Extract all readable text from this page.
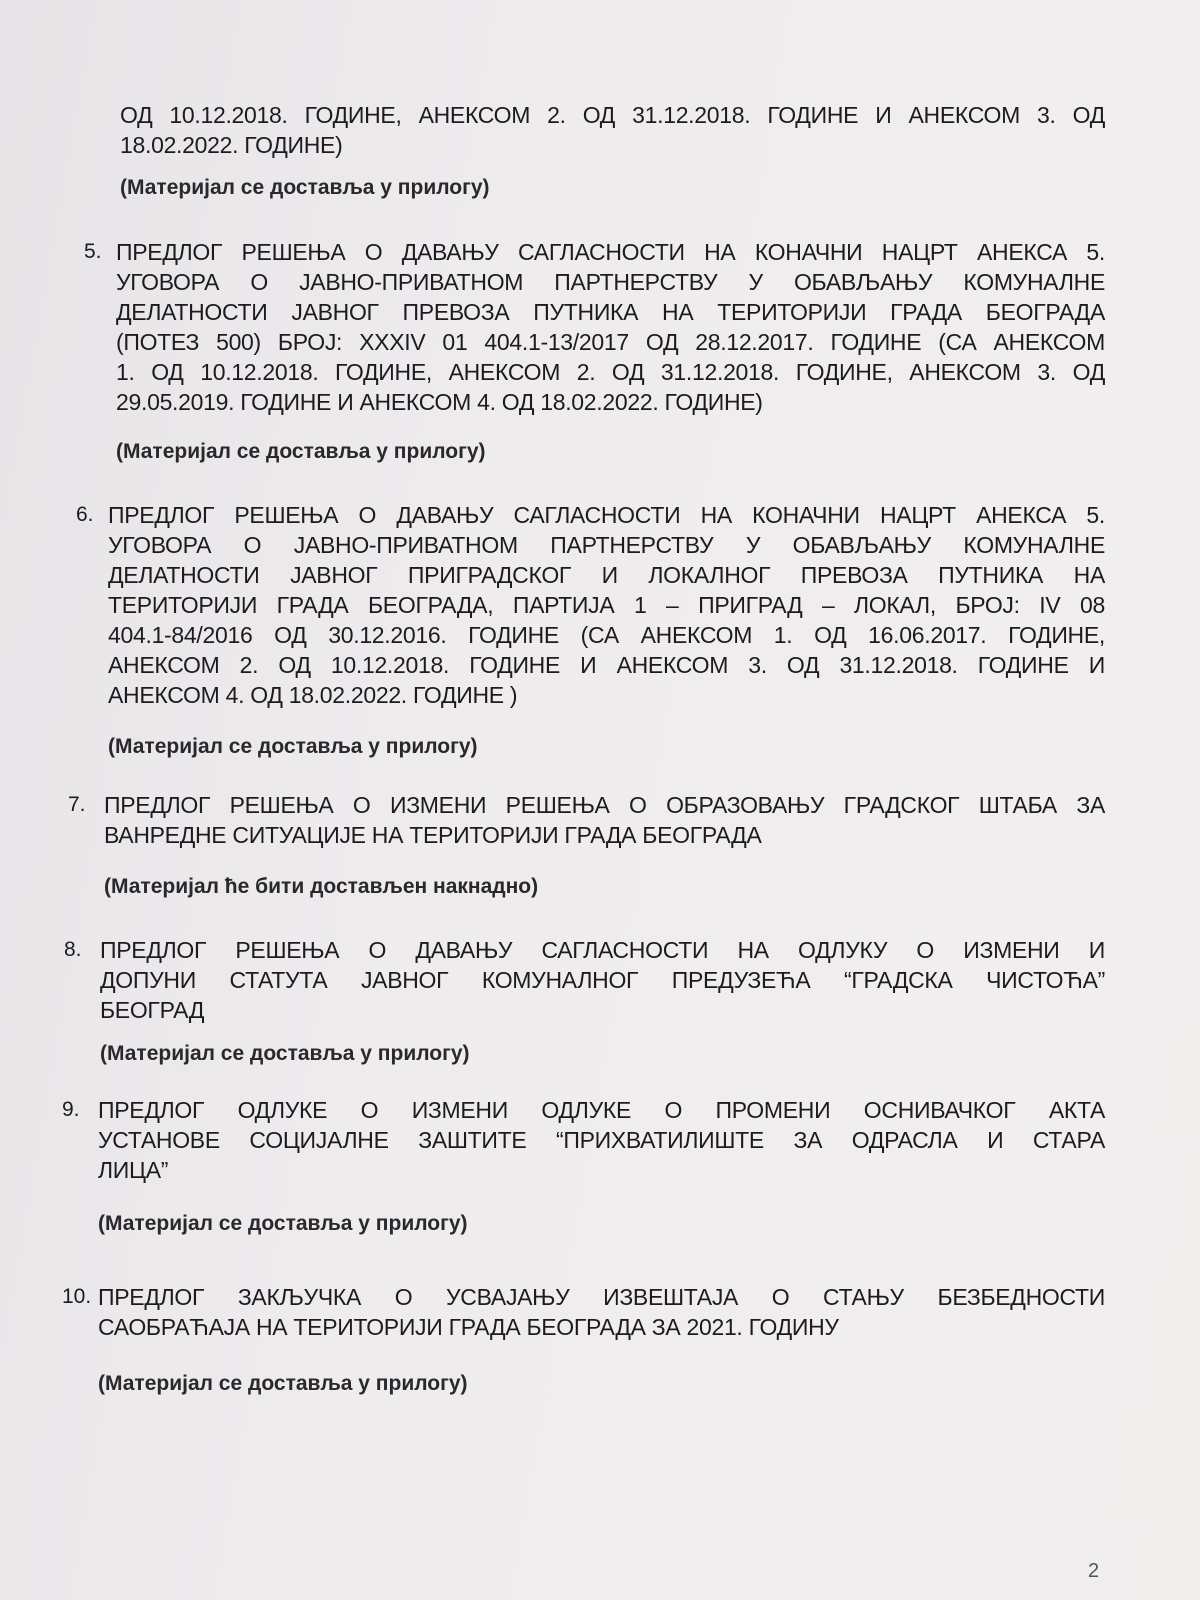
ОД 10.12.2018. ГОДИНЕ, АНЕКСОМ 2. ОД 31.12.2018. ГОДИНЕ И АНЕКСОМ 3. ОД
18.02.2022. ГОДИНЕ)
(Материјал се доставља у прилогу)
5. ПРЕДЛОГ РЕШЕЊА О ДАВАЊУ САГЛАСНОСТИ НА КОНАЧНИ НАЦРТ АНЕКСА 5.
УГОВОРА О ЈАВНО-ПРИВАТНОМ ПАРТНЕРСТВУ У ОБАВЉАЊУ КОМУНАЛНЕ
ДЕЛАТНОСТИ ЈАВНОГ ПРЕВОЗА ПУТНИКА НА ТЕРИТОРИЈИ ГРАДА БЕОГРАДА
(ПОТЕЗ 500) БРОЈ: XXXIV 01 404.1-13/2017 ОД 28.12.2017. ГОДИНЕ (СА АНЕКСОМ
1. ОД 10.12.2018. ГОДИНЕ, АНЕКСОМ 2. ОД 31.12.2018. ГОДИНЕ, АНЕКСОМ 3. ОД
29.05.2019. ГОДИНЕ И АНЕКСОМ 4. ОД 18.02.2022. ГОДИНЕ)
(Материјал се доставља у прилогу)
6. ПРЕДЛОГ РЕШЕЊА О ДАВАЊУ САГЛАСНОСТИ НА КОНАЧНИ НАЦРТ АНЕКСА 5.
УГОВОРА О ЈАВНО-ПРИВАТНОМ ПАРТНЕРСТВУ У ОБАВЉАЊУ КОМУНАЛНЕ
ДЕЛАТНОСТИ ЈАВНОГ ПРИГРАДСКОГ И ЛОКАЛНОГ ПРЕВОЗА ПУТНИКА НА
ТЕРИТОРИЈИ ГРАДА БЕОГРАДА, ПАРТИЈА 1 – ПРИГРАД – ЛОКАЛ, БРОЈ: IV 08
404.1-84/2016 ОД 30.12.2016. ГОДИНЕ (СА АНЕКСОМ 1. ОД 16.06.2017. ГОДИНЕ,
АНЕКСОМ 2. ОД 10.12.2018. ГОДИНЕ И АНЕКСОМ 3. ОД 31.12.2018. ГОДИНЕ И
АНЕКСОМ 4. ОД 18.02.2022. ГОДИНЕ )
(Материјал се доставља у прилогу)
7. ПРЕДЛОГ РЕШЕЊА О ИЗМЕНИ РЕШЕЊА О ОБРАЗОВАЊУ ГРАДСКОГ ШТАБА ЗА
ВАНРЕДНЕ СИТУАЦИЈЕ НА ТЕРИТОРИЈИ ГРАДА БЕОГРАДА
(Материјал ће бити достављен накнадно)
8. ПРЕДЛОГ РЕШЕЊА О ДАВАЊУ САГЛАСНОСТИ НА ОДЛУКУ О ИЗМЕНИ И
ДОПУНИ СТАТУТА ЈАВНОГ КОМУНАЛНОГ ПРЕДУЗЕЋА “ГРАДСКА ЧИСТОЋА”
БЕОГРАД
(Материјал се доставља у прилогу)
9. ПРЕДЛОГ ОДЛУКЕ О ИЗМЕНИ ОДЛУКЕ О ПРОМЕНИ ОСНИВАЧКОГ АКТА
УСТАНОВЕ СОЦИЈАЛНЕ ЗАШТИТЕ “ПРИХВАТИЛИШТЕ ЗА ОДРАСЛА И СТАРА
ЛИЦА”
(Материјал се доставља у прилогу)
10. ПРЕДЛОГ ЗАКЉУЧКА О УСВАЈАЊУ ИЗВЕШТАЈА О СТАЊУ БЕЗБЕДНОСТИ
САОБРАЋАЈА НА ТЕРИТОРИЈИ ГРАДА БЕОГРАДА ЗА 2021. ГОДИНУ
(Материјал се доставља у прилогу)
2
